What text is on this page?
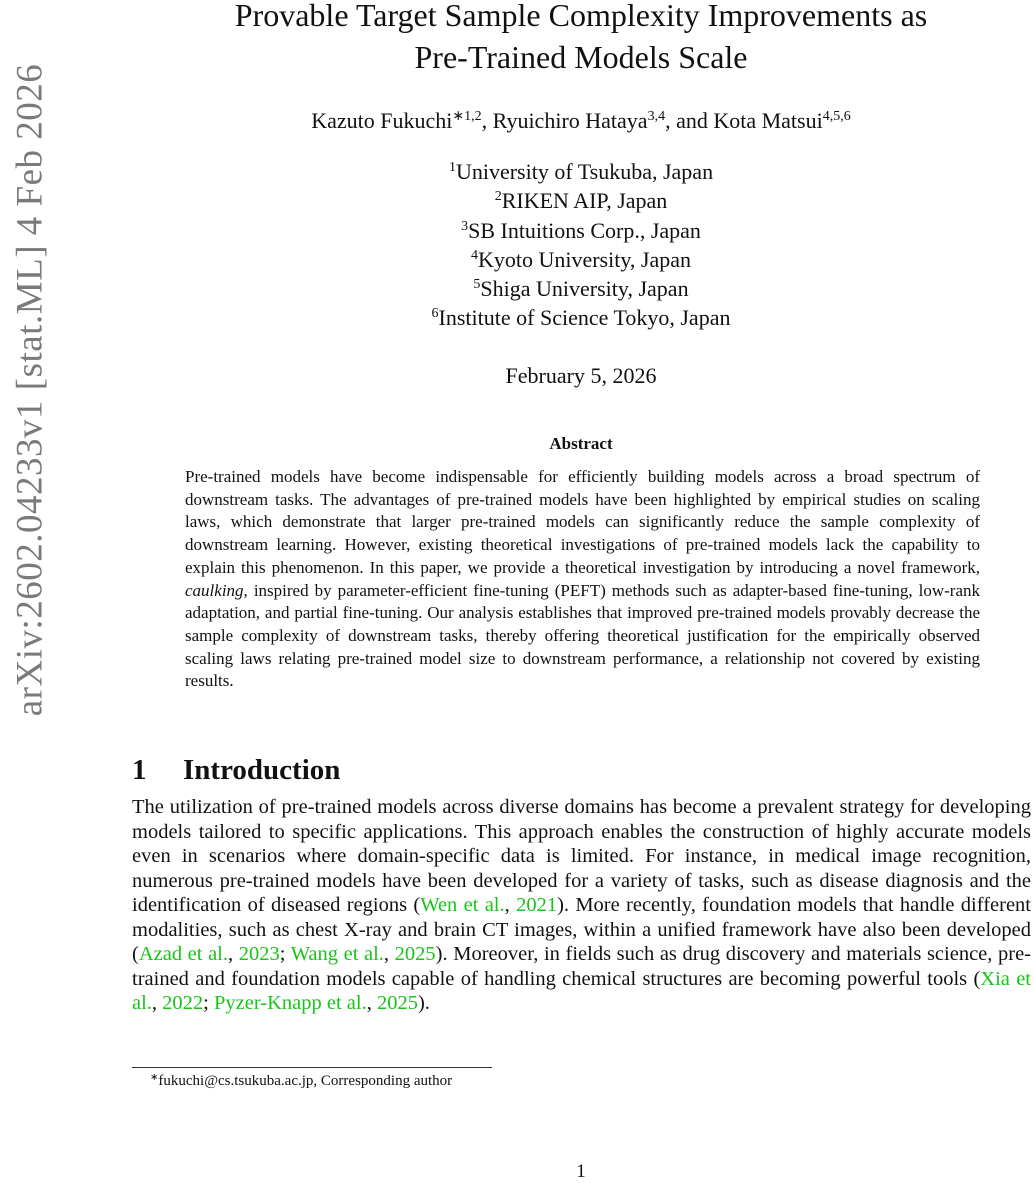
arXiv:2602.04233v1 [stat.ML] 4 Feb 2026
Provable Target Sample Complexity Improvements as
Pre-Trained Models Scale
Kazuto Fukuchi$^{∗1,2}$, Ryuichiro Hataya$^{3,4}$, and Kota Matsui$^{4,5,6}$
$^1$University of Tsukuba, Japan
$^2$RIKEN AIP, Japan
$^3$SB Intuitions Corp., Japan
$^4$Kyoto University, Japan
$^5$Shiga University, Japan
$^6$Institute of Science Tokyo, Japan
February 5, 2026
Abstract
Pre-trained models have become indispensable for efficiently building models across a broad spectrum of downstream tasks. The advantages of pre-trained models have been highlighted by empirical studies on scaling laws, which demonstrate that larger pre-trained models can significantly reduce the sample complexity of downstream learning. However, existing theoretical investigations of pre-trained models lack the capability to explain this phenomenon. In this paper, we provide a theoretical investigation by introducing a novel framework, caulking, inspired by parameter-efficient fine-tuning (PEFT) methods such as adapter-based fine-tuning, low-rank adaptation, and partial fine-tuning. Our analysis establishes that improved pre-trained models provably decrease the sample complexity of downstream tasks, thereby offering theoretical justification for the empirically observed scaling laws relating pre-trained model size to downstream performance, a relationship not covered by existing results.
1 Introduction
The utilization of pre-trained models across diverse domains has become a prevalent strategy for developing models tailored to specific applications. This approach enables the construction of highly accurate models even in scenarios where domain-specific data is limited. For instance, in medical image recognition, numerous pre-trained models have been developed for a variety of tasks, such as disease diagnosis and the identification of diseased regions (Wen et al., 2021). More recently, foundation models that handle different modalities, such as chest X-ray and brain CT images, within a unified framework have also been developed (Azad et al., 2023; Wang et al., 2025). Moreover, in fields such as drug discovery and materials science, pre-trained and foundation models capable of handling chemical structures are becoming powerful tools (Xia et al., 2022; Pyzer-Knapp et al., 2025).
∗fukuchi@cs.tsukuba.ac.jp, Corresponding author
1
